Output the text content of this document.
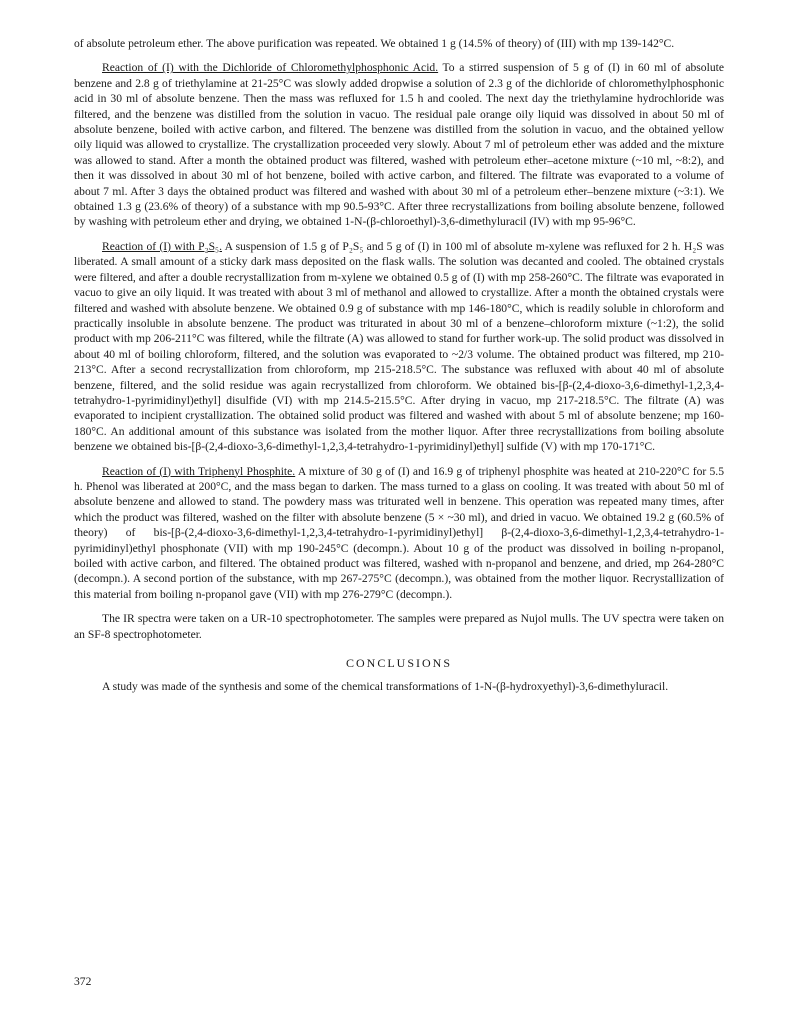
of absolute petroleum ether. The above purification was repeated. We obtained 1 g (14.5% of theory) of (III) with mp 139-142°C.

Reaction of (I) with the Dichloride of Chloromethylphosphonic Acid. To a stirred suspension of 5 g of (I) in 60 ml of absolute benzene and 2.8 g of triethylamine at 21-25°C was slowly added dropwise a solution of 2.3 g of the dichloride of chloromethylphosphonic acid in 30 ml of absolute benzene. Then the mass was refluxed for 1.5 h and cooled. The next day the triethylamine hydrochloride was filtered, and the benzene was distilled from the solution in vacuo. The residual pale orange oily liquid was dissolved in about 50 ml of absolute benzene, boiled with active carbon, and filtered. The benzene was distilled from the solution in vacuo, and the obtained yellow oily liquid was allowed to crystallize. The crystallization proceeded very slowly. About 7 ml of petroleum ether was added and the mixture was allowed to stand. After a month the obtained product was filtered, washed with petroleum ether–acetone mixture (~10 ml, ~8:2), and then it was dissolved in about 30 ml of hot benzene, boiled with active carbon, and filtered. The filtrate was evaporated to a volume of about 7 ml. After 3 days the obtained product was filtered and washed with about 30 ml of a petroleum ether–benzene mixture (~3:1). We obtained 1.3 g (23.6% of theory) of a substance with mp 90.5-93°C. After three recrystallizations from boiling absolute benzene, followed by washing with petroleum ether and drying, we obtained 1-N-(β-chloroethyl)-3,6-dimethyluracil (IV) with mp 95-96°C.

Reaction of (I) with P₂S₅. A suspension of 1.5 g of P₂S₅ and 5 g of (I) in 100 ml of absolute m-xylene was refluxed for 2 h. H₂S was liberated. A small amount of a sticky dark mass deposited on the flask walls. The solution was decanted and cooled. The obtained crystals were filtered, and after a double recrystallization from m-xylene we obtained 0.5 g of (I) with mp 258-260°C. The filtrate was evaporated in vacuo to give an oily liquid. It was treated with about 3 ml of methanol and allowed to crystallize. After a month the obtained crystals were filtered and washed with absolute benzene. We obtained 0.9 g of substance with mp 146-180°C, which is readily soluble in chloroform and practically insoluble in absolute benzene. The product was triturated in about 30 ml of a benzene–chloroform mixture (~1:2), the solid product with mp 206-211°C was filtered, while the filtrate (A) was allowed to stand for further work-up. The solid product was dissolved in about 40 ml of boiling chloroform, filtered, and the solution was evaporated to ~2/3 volume. The obtained product was filtered, mp 210-213°C. After a second recrystallization from chloroform, mp 215-218.5°C. The substance was refluxed with about 40 ml of absolute benzene, filtered, and the solid residue was again recrystallized from chloroform. We obtained bis-[β-(2,4-dioxo-3,6-dimethyl-1,2,3,4-tetrahydro-1-pyrimidinyl)ethyl] disulfide (VI) with mp 214.5-215.5°C. After drying in vacuo, mp 217-218.5°C. The filtrate (A) was evaporated to incipient crystallization. The obtained solid product was filtered and washed with about 5 ml of absolute benzene; mp 160-180°C. An additional amount of this substance was isolated from the mother liquor. After three recrystallizations from boiling absolute benzene we obtained bis-[β-(2,4-dioxo-3,6-dimethyl-1,2,3,4-tetrahydro-1-pyrimidinyl)ethyl] sulfide (V) with mp 170-171°C.

Reaction of (I) with Triphenyl Phosphite. A mixture of 30 g of (I) and 16.9 g of triphenyl phosphite was heated at 210-220°C for 5.5 h. Phenol was liberated at 200°C, and the mass began to darken. The mass turned to a glass on cooling. It was treated with about 50 ml of absolute benzene and allowed to stand. The powdery mass was triturated well in benzene. This operation was repeated many times, after which the product was filtered, washed on the filter with absolute benzene (5 × ~30 ml), and dried in vacuo. We obtained 19.2 g (60.5% of theory) of bis-[β-(2,4-dioxo-3,6-dimethyl-1,2,3,4-tetrahydro-1-pyrimidinyl)ethyl] β-(2,4-dioxo-3,6-dimethyl-1,2,3,4-tetrahydro-1-pyrimidinyl)ethyl phosphonate (VII) with mp 190-245°C (decompn.). About 10 g of the product was dissolved in boiling n-propanol, boiled with active carbon, and filtered. The obtained product was filtered, washed with n-propanol and benzene, and dried, mp 264-280°C (decompn.). A second portion of the substance, with mp 267-275°C (decompn.), was obtained from the mother liquor. Recrystallization of this material from boiling n-propanol gave (VII) with mp 276-279°C (decompn.).

The IR spectra were taken on a UR-10 spectrophotometer. The samples were prepared as Nujol mulls. The UV spectra were taken on an SF-8 spectrophotometer.

CONCLUSIONS

A study was made of the synthesis and some of the chemical transformations of 1-N-(β-hydroxyethyl)-3,6-dimethyluracil.

372
